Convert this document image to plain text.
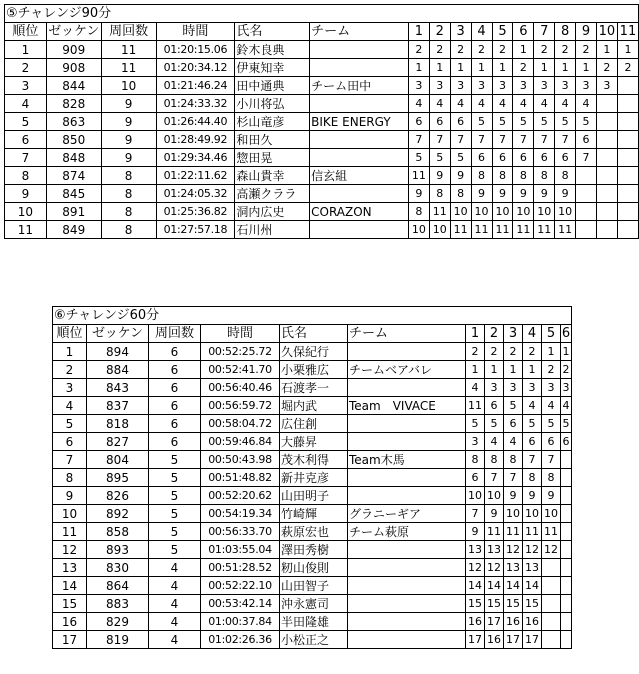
⑤チャレンジ90分																
順位	ゼッケン	周回数	時間	氏名	チーム	1	2	3	4	5	6	7	8	9	10	11
1	909	11	01:20:15.06	鈴木良典		2	2	2	2	2	1	2	2	2	1	1
2	908	11	01:20:34.12	伊東知幸		1	1	1	1	1	2	1	1	1	2	2
3	844	10	01:21:46.24	田中通典	チーム田中	3	3	3	3	3	3	3	3	3	3	
4	828	9	01:24:33.32	小川将弘		4	4	4	4	4	4	4	4	4		
5	863	9	01:26:44.40	杉山竜彦	BIKE ENERGY	6	6	6	5	5	5	5	5	5		
6	850	9	01:28:49.92	和田久		7	7	7	7	7	7	7	7	6		
7	848	9	01:29:34.46	惣田晃		5	5	5	6	6	6	6	6	7		
8	874	8	01:22:11.62	森山貴幸	信玄組	11	9	9	8	8	8	8	8			
9	845	8	01:24:05.32	高瀬クララ		9	8	8	9	9	9	9	9			
10	891	8	01:25:36.82	洞内広史	CORAZON	8	11	10	10	10	10	10	10			
11	849	8	01:27:57.18	石川州		10	10	11	11	11	11	11	11			
⑥チャレンジ60分											
順位	ゼッケン	周回数	時間	氏名	チーム	1	2	3	4	5	6
1	894	6	00:52:25.72	久保紀行		2	2	2	2	1	1
2	884	6	00:52:41.70	小栗雅広	チームベアバレ	1	1	1	1	2	2
3	843	6	00:56:40.46	石渡孝一		4	3	3	3	3	3
4	837	6	00:56:59.72	堀内武	Team　VIVACE	11	6	5	4	4	4
5	818	6	00:58:04.72	広住創		5	5	6	5	5	5
6	827	6	00:59:46.84	大藤昇		3	4	4	6	6	6
7	804	5	00:50:43.98	茂木利得	Team木馬	8	8	8	7	7	
8	895	5	00:51:48.82	新井克彦		6	7	7	8	8	
9	826	5	00:52:20.62	山田明子		10	10	9	9	9	
10	892	5	00:54:19.34	竹崎輝	グラニーギア	7	9	10	10	10	
11	858	5	00:56:33.70	萩原宏也	チーム萩原	9	11	11	11	11	
12	893	5	01:03:55.04	澤田秀樹		13	13	12	12	12	
13	830	4	00:51:28.52	籾山俊則		12	12	13	13		
14	864	4	00:52:22.10	山田智子		14	14	14	14		
15	883	4	00:53:42.14	沖永憲司		15	15	15	15		
16	829	4	01:00:37.84	半田隆雄		16	17	16	16		
17	819	4	01:02:26.36	小松正之		17	16	17	17		
